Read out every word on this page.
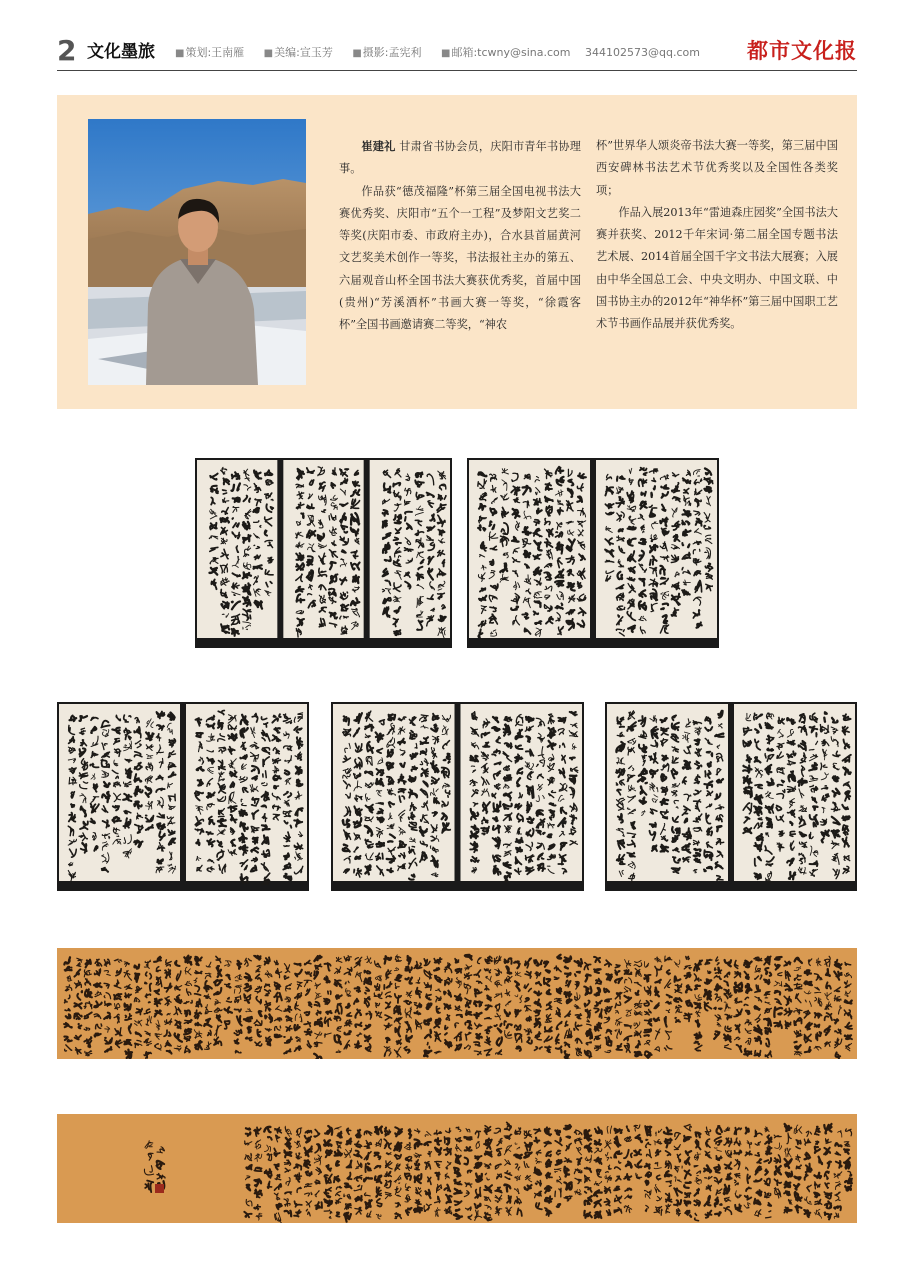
2 文化墨旅	■ 策划:王南雁	■ 美编:宣玉芳	■ 摄影:孟宪利	■ 邮箱:tcwny@sina.com 344102573@qq.com	都市文化报

崔建礼 甘肃省书协会员，庆阳市青年书协理事。

作品获“德茂福隆”杯第三届全国电视书法大赛优秀奖、庆阳市“五个一工程”及梦阳文艺奖二等奖(庆阳市委、市政府主办)，合水县首届黄河文艺奖美术创作一等奖，书法报社主办的第五、六届观音山杯全国书法大赛获优秀奖，首届中国(贵州)“芳溪酒杯”书画大赛一等奖，“徐霞客杯”全国书画邀请赛二等奖，“神农

杯”世界华人颂炎帝书法大赛一等奖，第三届中国西安碑林书法艺术节优秀奖以及全国性各类奖项；

作品入展2013年“雷迪森庄园奖”全国书法大赛并获奖、2012千年宋词·第二届全国专题书法艺术展、2014首届全国千字文书法大展赛；入展由中华全国总工会、中央文明办、中国文联、中国书协主办的2012年“神华杯”第三届中国职工艺术节书画作品展并获优秀奖。
